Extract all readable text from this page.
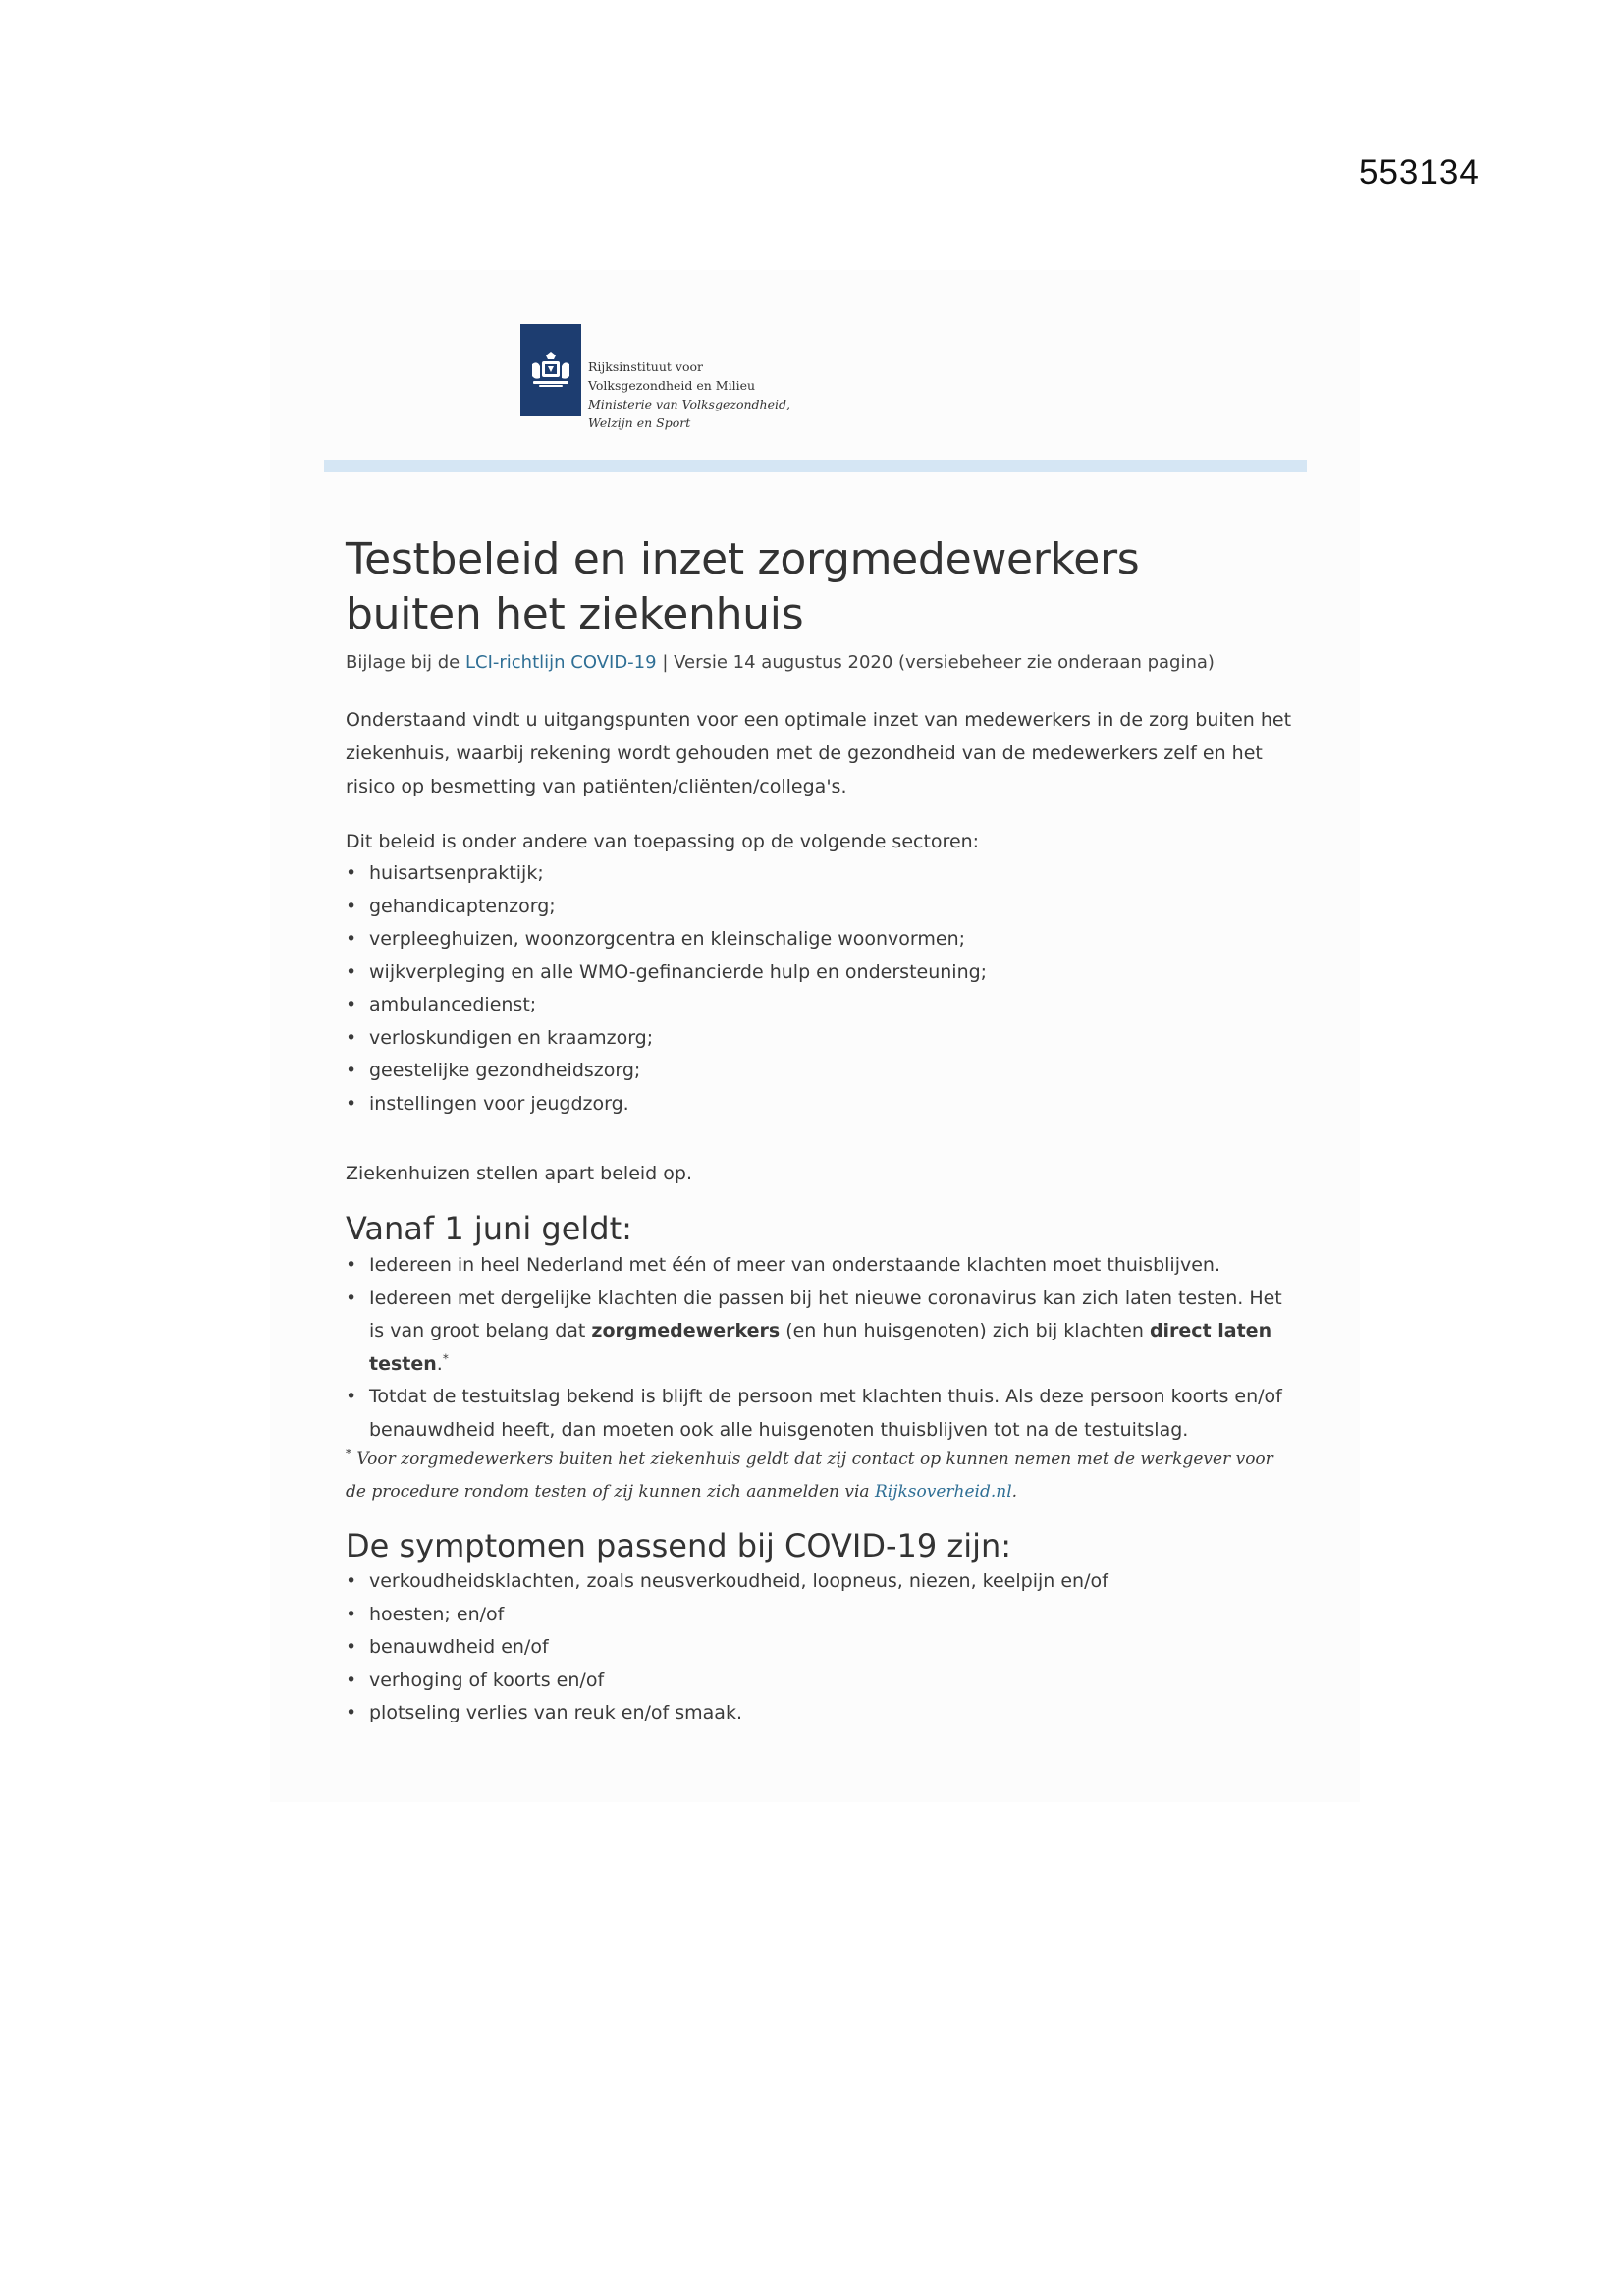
553134
Rijksinstituut voor
Volksgezondheid en Milieu
Ministerie van Volksgezondheid,
Welzijn en Sport
Testbeleid en inzet zorgmedewerkers buiten het ziekenhuis
Bijlage bij de LCI-richtlijn COVID-19 | Versie 14 augustus 2020 (versiebeheer zie onderaan pagina)

Onderstaand vindt u uitgangspunten voor een optimale inzet van medewerkers in de zorg buiten het ziekenhuis, waarbij rekening wordt gehouden met de gezondheid van de medewerkers zelf en het risico op besmetting van patiënten/cliënten/collega's.

Dit beleid is onder andere van toepassing op de volgende sectoren:

• huisartsenpraktijk;
• gehandicaptenzorg;
• verpleeghuizen, woonzorgcentra en kleinschalige woonvormen;
• wijkverpleging en alle WMO-gefinancierde hulp en ondersteuning;
• ambulancedienst;
• verloskundigen en kraamzorg;
• geestelijke gezondheidszorg;
• instellingen voor jeugdzorg.

Ziekenhuizen stellen apart beleid op.

Vanaf 1 juni geldt:
• Iedereen in heel Nederland met één of meer van onderstaande klachten moet thuisblijven.
• Iedereen met dergelijke klachten die passen bij het nieuwe coronavirus kan zich laten testen. Het is van groot belang dat zorgmedewerkers (en hun huisgenoten) zich bij klachten direct laten testen.*
• Totdat de testuitslag bekend is blijft de persoon met klachten thuis. Als deze persoon koorts en/of benauwdheid heeft, dan moeten ook alle huisgenoten thuisblijven tot na de testuitslag.

* Voor zorgmedewerkers buiten het ziekenhuis geldt dat zij contact op kunnen nemen met de werkgever voor de procedure rondom testen of zij kunnen zich aanmelden via Rijksoverheid.nl.

De symptomen passend bij COVID-19 zijn:
• verkoudheidsklachten, zoals neusverkoudheid, loopneus, niezen, keelpijn en/of
• hoesten; en/of
• benauwdheid en/of
• verhoging of koorts en/of
• plotseling verlies van reuk en/of smaak.
